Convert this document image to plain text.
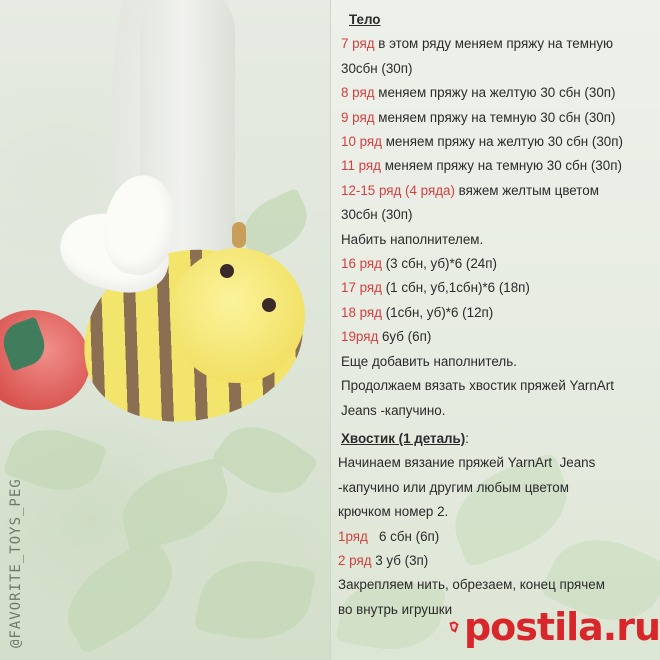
@FAVORITE_TOYS_PEG

Тело

7 ряд в этом ряду меняем пряжу на темную

30сбн (30п)

8 ряд меняем пряжу на желтую 30 сбн (30п)

9 ряд меняем пряжу на темную 30 сбн (30п)

10 ряд меняем пряжу на желтую 30 сбн (30п)

11 ряд меняем пряжу на темную 30 сбн (30п)

12-15 ряд (4 ряда) вяжем желтым цветом

30сбн (30п)

Набить наполнителем.

16 ряд (3 сбн, уб)*6 (24п)

17 ряд (1 сбн, уб,1сбн)*6 (18п)

18 ряд (1сбн, уб)*6 (12п)

19ряд 6уб (6п)

Еще добавить наполнитель.

Продолжаем вязать хвостик пряжей YarnArt

Jeans -капучино.

Хвостик (1 деталь):

Начинаем вязание пряжей YarnArt  Jeans

-капучино или другим любым цветом

крючком номер 2.

1ряд   6 сбн (6п)

2 ряд 3 уб (3п)

Закрепляем нить, обрезаем, конец прячем

во внутрь игрушки postila.ru
